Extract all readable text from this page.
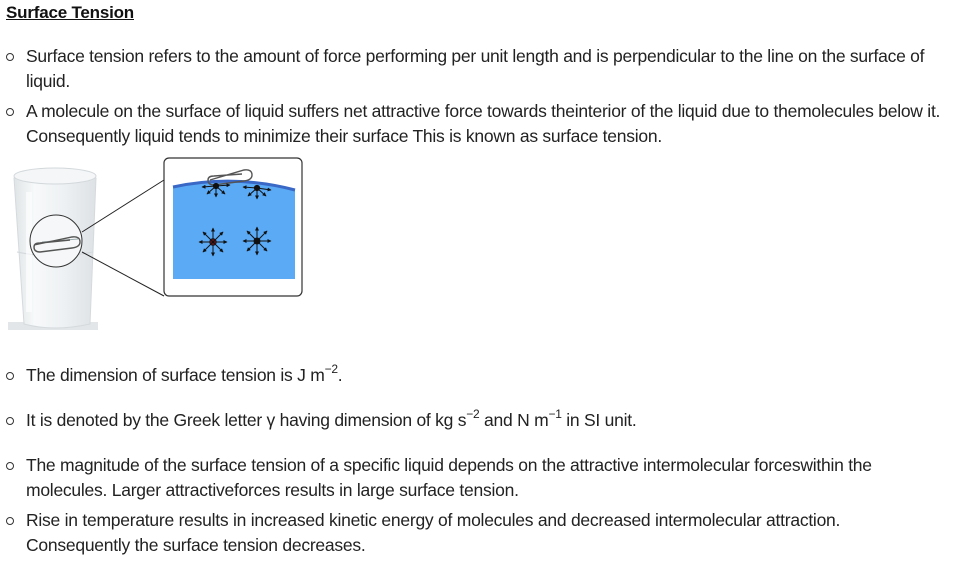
Surface Tension
Surface tension refers to the amount of force performing per unit length and is perpendicular to the line on the surface of liquid.
A molecule on the surface of liquid suffers net attractive force towards theinterior of the liquid due to themolecules below it. Consequently liquid tends to minimize their surface This is known as surface tension.
The dimension of surface tension is J $m^{-2}$.
It is denoted by the Greek letter γ having dimension of kg $s^{-2}$ and N $m^{-1}$ in SI unit.
The magnitude of the surface tension of a specific liquid depends on the attractive intermolecular forceswithin the molecules. Larger attractiveforces results in large surface tension.
Rise in temperature results in increased kinetic energy of molecules and decreased intermolecular attraction. Consequently the surface tension decreases.
